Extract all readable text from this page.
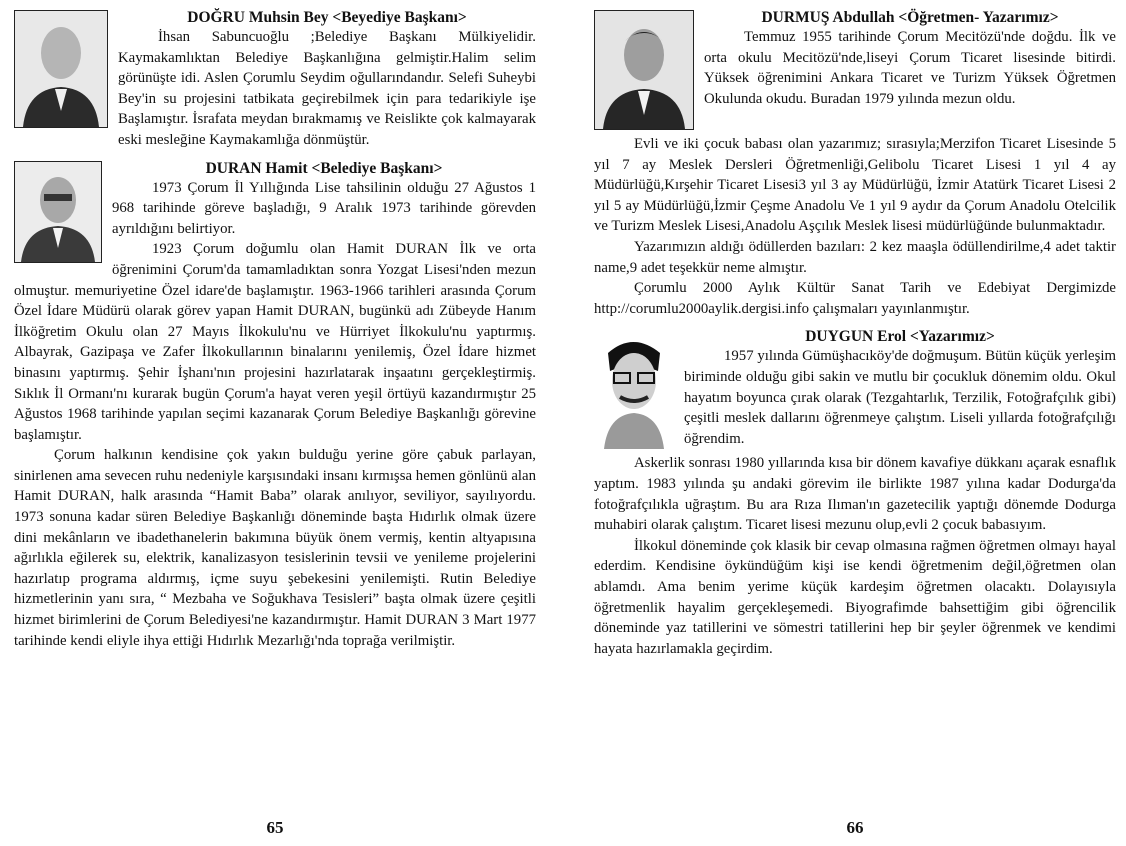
DOĞRU Muhsin Bey <Beyediye Başkanı>

İhsan Sabuncuoğlu ;Belediye Başkanı Mülkiyelidir. Kaymakamlıktan Belediye Başkanlığına gelmiştir.Halim selim görünüşte idi. Aslen Çorumlu Seydim oğullarındandır. Selefi Suheybi Bey'in su projesini tatbikata geçirebilmek için para tedarikiyle işe Başlamıştır. İsrafata meydan bırakmamış ve Reislikte çok kalmayarak eski mesleğine Kaymakamlığa dönmüştür.

DURAN Hamit <Belediye Başkanı>

1973 Çorum İl Yıllığında Lise tahsilinin olduğu 27 Ağustos 1 968 tarihinde göreve başladığı, 9 Aralık 1973 tarihinde görevden ayrıldığını belirtiyor.

1923 Çorum doğumlu olan Hamit DURAN İlk ve orta öğrenimini Çorum'da tamamladıktan sonra Yozgat Lisesi'nden mezun olmuştur. memuriyetine Özel idare'de başlamıştır. 1963-1966 tarihleri arasında Çorum Özel İdare Müdürü olarak görev yapan Hamit DURAN, bugünkü adı Zübeyde Hanım İlköğretim Okulu olan 27 Mayıs İlkokulu'nu ve Hürriyet İlkokulu'nu yaptırmış. Albayrak, Gazipaşa ve Zafer İlkokullarının binalarını yenilemiş, Özel İdare hizmet binasını yaptırmış. Şehir İşhanı'nın projesini hazırlatarak inşaatını gerçekleştirmiş. Sıklık İl Ormanı'nı kurarak bugün Çorum'a hayat veren yeşil örtüyü kazandırmıştır 25 Ağustos 1968 tarihinde yapılan seçimi kazanarak Çorum Belediye Başkanlığı görevine başlamıştır.

Çorum halkının kendisine çok yakın bulduğu yerine göre çabuk parlayan, sinirlenen ama sevecen ruhu nedeniyle karşısındaki insanı kırmışsa hemen gönlünü alan Hamit DURAN, halk arasında “Hamit Baba” olarak anılıyor, seviliyor, sayılıyordu. 1973 sonuna kadar süren Belediye Başkanlığı döneminde başta Hıdırlık olmak üzere dini mekânların ve ibadethanelerin bakımına büyük önem vermiş, kentin altyapısına ağırlıkla eğilerek su, elektrik, kanalizasyon tesislerinin tevsii ve yenileme projelerini hazırlatıp programa aldırmış, içme suyu şebekesini yenilemişti. Rutin Belediye hizmetlerinin yanı sıra, “ Mezbaha ve Soğukhava Tesisleri” başta olmak üzere çeşitli hizmet birimlerini de Çorum Belediyesi'ne kazandırmıştır. Hamit DURAN 3 Mart 1977 tarihinde kendi eliyle ihya ettiği Hıdırlık Mezarlığı'nda toprağa verilmiştir.

65

DURMUŞ Abdullah <Öğretmen- Yazarımız>

Temmuz 1955 tarihinde Çorum Mecitözü'nde doğdu. İlk ve orta okulu Mecitözü'nde,liseyi Çorum Ticaret lisesinde bitirdi. Yüksek öğrenimini Ankara Ticaret ve Turizm Yüksek Öğretmen Okulunda okudu. Buradan 1979 yılında mezun oldu.

Evli ve iki çocuk babası olan yazarımız; sırasıyla;Merzifon Ticaret Lisesinde 5 yıl 7 ay Meslek Dersleri Öğretmenliği,Gelibolu Ticaret Lisesi 1 yıl 4 ay Müdürlüğü,Kırşehir Ticaret Lisesi3 yıl 3 ay Müdürlüğü, İzmir Atatürk Ticaret Lisesi 2 yıl 5 ay Müdürlüğü,İzmir Çeşme Anadolu Ve 1 yıl 9 aydır da Çorum Anadolu Otelcilik ve Turizm Meslek Lisesi,Anadolu Aşçılık Meslek lisesi müdürlüğünde bulunmaktadır.

Yazarımızın aldığı ödüllerden bazıları: 2 kez maaşla ödüllendirilme,4 adet taktir name,9 adet teşekkür neme almıştır.

Çorumlu 2000 Aylık Kültür Sanat Tarih ve Edebiyat Dergimizde http://corumlu2000aylik.dergisi.info çalışmaları yayınlanmıştır.

DUYGUN Erol <Yazarımız>

1957 yılında Gümüşhacıköy'de doğmuşum. Bütün küçük yerleşim biriminde olduğu gibi sakin ve mutlu bir çocukluk dönemim oldu. Okul hayatım boyunca çırak olarak (Tezgahtarlık, Terzilik, Fotoğrafçılık gibi) çeşitli meslek dallarını öğrenmeye çalıştım. Liseli yıllarda fotoğrafçılığı öğrendim.

Askerlik sonrası 1980 yıllarında kısa bir dönem kavafiye dükkanı açarak esnaflık yaptım. 1983 yılında şu andaki görevim ile birlikte 1987 yılına kadar Dodurga'da fotoğrafçılıkla uğraştım. Bu ara Rıza Ilıman'ın gazetecilik yaptığı dönemde Dodurga muhabiri olarak çalıştım. Ticaret lisesi mezunu olup,evli 2 çocuk babasıyım.

İlkokul döneminde çok klasik bir cevap olmasına rağmen öğretmen olmayı hayal ederdim. Kendisine öykündüğüm kişi ise kendi öğretmenim değil,öğretmen olan ablamdı. Ama benim yerime küçük kardeşim öğretmen olacaktı. Dolayısıyla öğretmenlik hayalim gerçekleşemedi. Biyografimde bahsettiğim gibi öğrencilik döneminde yaz tatillerini ve sömestri tatillerini hep bir şeyler öğrenmek ve kendimi hayata hazırlamakla geçirdim.

66
